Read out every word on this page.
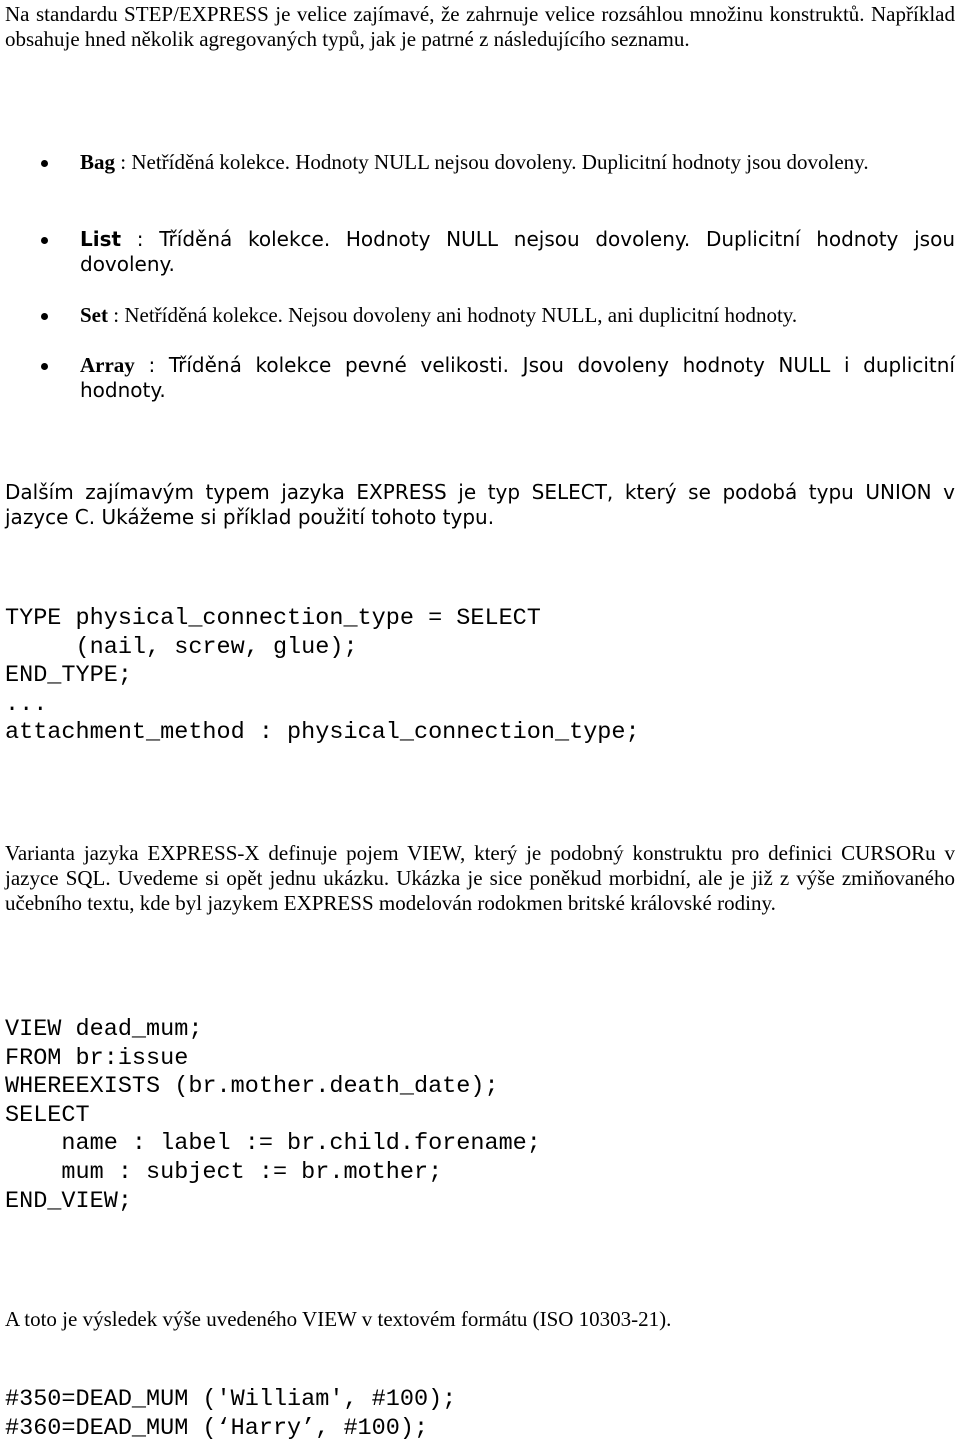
Na standardu STEP/EXPRESS je velice zajímavé, že zahrnuje velice rozsáhlou množinu konstruktů. Například obsahuje hned několik agregovaných typů, jak je patrné z následujícího seznamu.

Bag : Netříděná kolekce. Hodnoty NULL nejsou dovoleny. Duplicitní hodnoty jsou dovoleny.
List : Tříděná kolekce. Hodnoty NULL nejsou dovoleny. Duplicitní hodnoty jsou dovoleny.
Set : Netříděná kolekce. Nejsou dovoleny ani hodnoty NULL, ani duplicitní hodnoty.
Array : Tříděná kolekce pevné velikosti. Jsou dovoleny hodnoty NULL i duplicitní hodnoty.

Dalším zajímavým typem jazyka EXPRESS je typ SELECT, který se podobá typu UNION v jazyce C. Ukážeme si příklad použití tohoto typu.

TYPE physical_connection_type = SELECT
(nail, screw, glue);
END_TYPE;
...
attachment_method : physical_connection_type;

Varianta jazyka EXPRESS-X definuje pojem VIEW, který je podobný konstruktu pro definici CURSORu v jazyce SQL. Uvedeme si opět jednu ukázku. Ukázka je sice poněkud morbidní, ale je již z výše zmiňovaného učebního textu, kde byl jazykem EXPRESS modelován rodokmen britské královské rodiny.

VIEW dead_mum;
FROM br:issue
WHEREEXISTS (br.mother.death_date);
SELECT
name : label := br.child.forename;
mum : subject := br.mother;
END_VIEW;

A toto je výsledek výše uvedeného VIEW v textovém formátu (ISO 10303-21).

#350=DEAD_MUM ('William', #100);
#360=DEAD_MUM (‘Harry’, #100);
